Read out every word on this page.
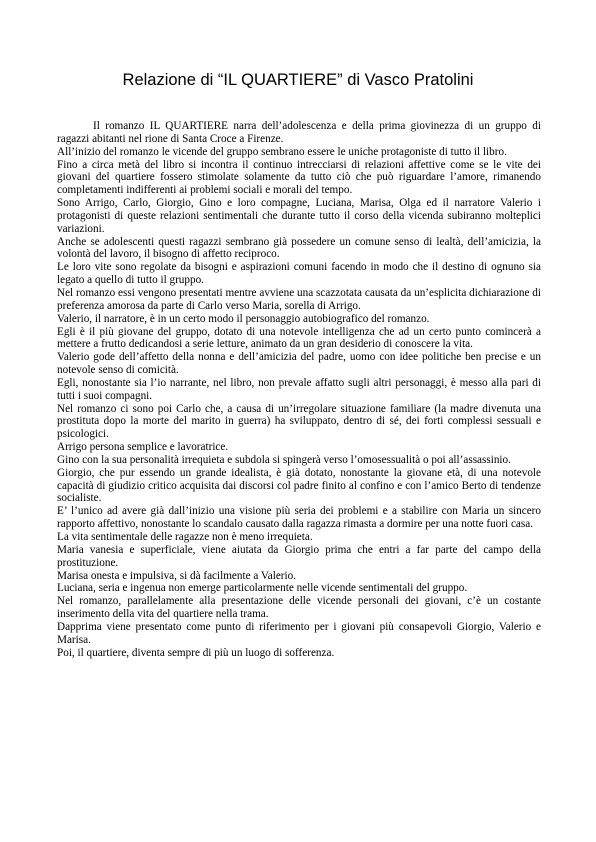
Relazione di “IL QUARTIERE” di Vasco Pratolini

Il romanzo IL QUARTIERE narra dell’adolescenza e della prima giovinezza di un gruppo di ragazzi abitanti nel rione di Santa Croce a Firenze.

All’inizio del romanzo le vicende del gruppo sembrano essere le uniche protagoniste di tutto il libro.

Fino a circa metà del libro si incontra il continuo intrecciarsi di relazioni affettive come se le vite dei giovani del quartiere fossero stimolate solamente da tutto ciò che può riguardare l’amore, rimanendo completamenti indifferenti ai problemi sociali e morali del tempo.

Sono Arrigo, Carlo, Giorgio, Gino e loro compagne, Luciana, Marisa, Olga ed il narratore Valerio i protagonisti di queste relazioni sentimentali che durante tutto il corso della vicenda subiranno molteplici variazioni.

Anche se adolescenti questi ragazzi sembrano già possedere un comune senso di lealtà, dell’amicizia, la volontà del lavoro, il bisogno di affetto reciproco.

Le loro vite sono regolate da bisogni e aspirazioni comuni facendo in modo che il destino di ognuno sia legato a quello di tutto il gruppo.

Nel romanzo essi vengono presentati mentre avviene una scazzotata causata da un’esplicita dichiarazione di preferenza amorosa da parte di Carlo verso Maria, sorella di Arrigo.

Valerio, il narratore, è in un certo modo il personaggio autobiografico del romanzo.

Egli è il più giovane del gruppo, dotato di una notevole intelligenza che ad un certo punto comincerà a mettere a frutto dedicandosi a serie letture, animato da un gran desiderio di conoscere la vita.

Valerio gode dell’affetto della nonna e dell’amicizia del padre, uomo con idee politiche ben precise e un notevole senso di comicità.

Egli, nonostante sia l’io narrante, nel libro, non prevale affatto sugli altri personaggi, è messo alla pari di tutti i suoi compagni.

Nel romanzo ci sono poi Carlo che, a causa di un’irregolare situazione familiare (la madre divenuta una prostituta dopo la morte del marito in guerra) ha sviluppato, dentro di sé, dei forti complessi sessuali e psicologici.

Arrigo persona semplice e lavoratrice.

Gino con la sua personalità irrequieta e subdola si spingerà verso l’omosessualità o poi all’assassinio.

Giorgio, che pur essendo un grande idealista, è già dotato, nonostante la giovane età, di una notevole capacità di giudizio critico acquisita dai discorsi col padre finito al confino e con l’amico Berto di tendenze socialiste.

E’ l’unico ad avere già dall’inizio una visione più seria dei problemi e a stabilire con Maria un sincero rapporto affettivo, nonostante lo scandalo causato dalla ragazza rimasta a dormire per una notte fuori casa.

La vita sentimentale delle ragazze non è meno irrequieta.

Maria vanesia e superficiale, viene aiutata da Giorgio prima che entri a far parte del campo della prostituzione.

Marisa onesta e impulsiva, si dà facilmente a Valerio.

Luciana, seria e ingenua non emerge particolarmente nelle vicende sentimentali del gruppo.

Nel romanzo, parallelamente alla presentazione delle vicende personali dei giovani, c’è un costante inserimento della vita del quartiere nella trama.

Dapprima viene presentato come punto di riferimento per i giovani più consapevoli Giorgio, Valerio e Marisa.

Poi, il quartiere, diventa sempre di più un luogo di sofferenza.
